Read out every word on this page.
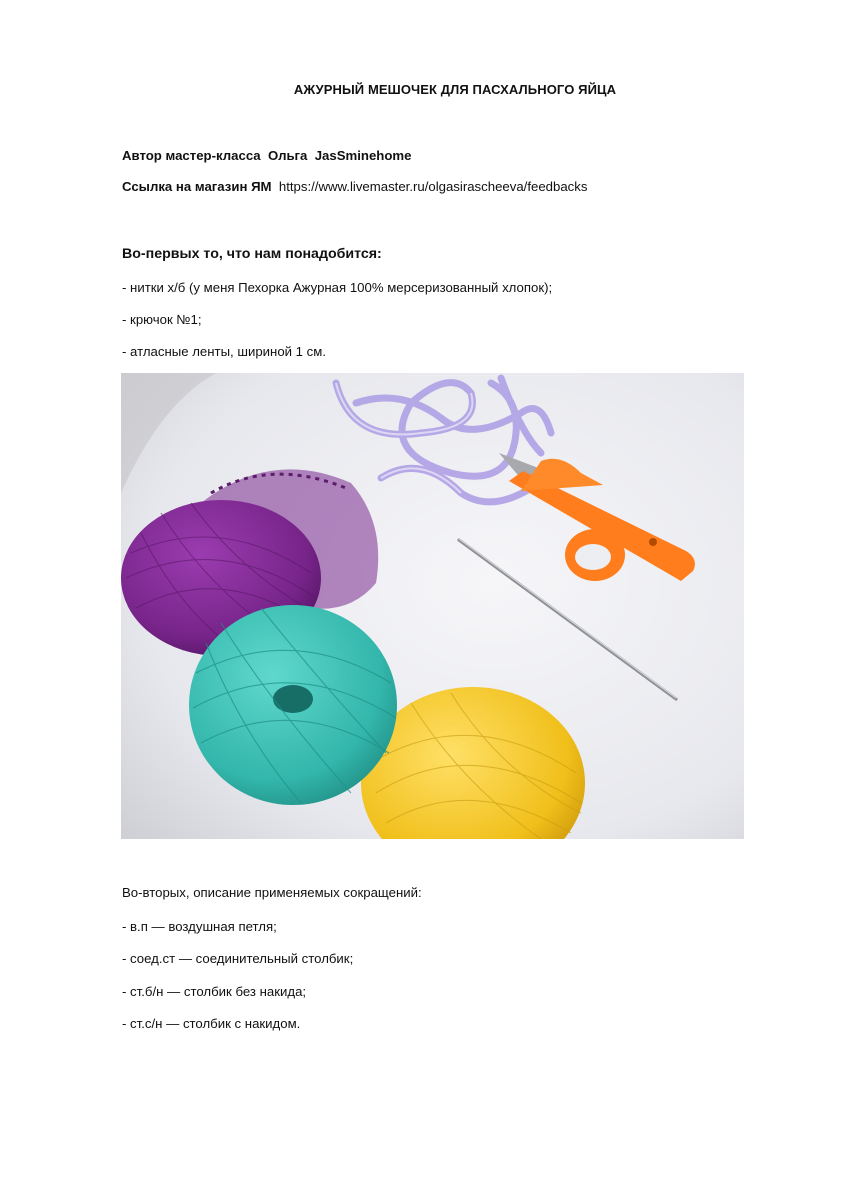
АЖУРНЫЙ МЕШОЧЕК ДЛЯ ПАСХАЛЬНОГО ЯЙЦА
Автор мастер-класса Ольга JasSminehome
Ссылка на магазин ЯМ https://www.livemaster.ru/olgasirascheeva/feedbacks
Во-первых то, что нам понадобится:
- нитки х/б (у меня Пехорка Ажурная 100% мерсеризованный хлопок);
- крючок №1;
- атласные ленты, шириной 1 см.
Во-вторых, описание применяемых сокращений:
- в.п — воздушная петля;
- соед.ст — соединительный столбик;
- ст.б/н — столбик без накида;
- ст.с/н — столбик с накидом.
